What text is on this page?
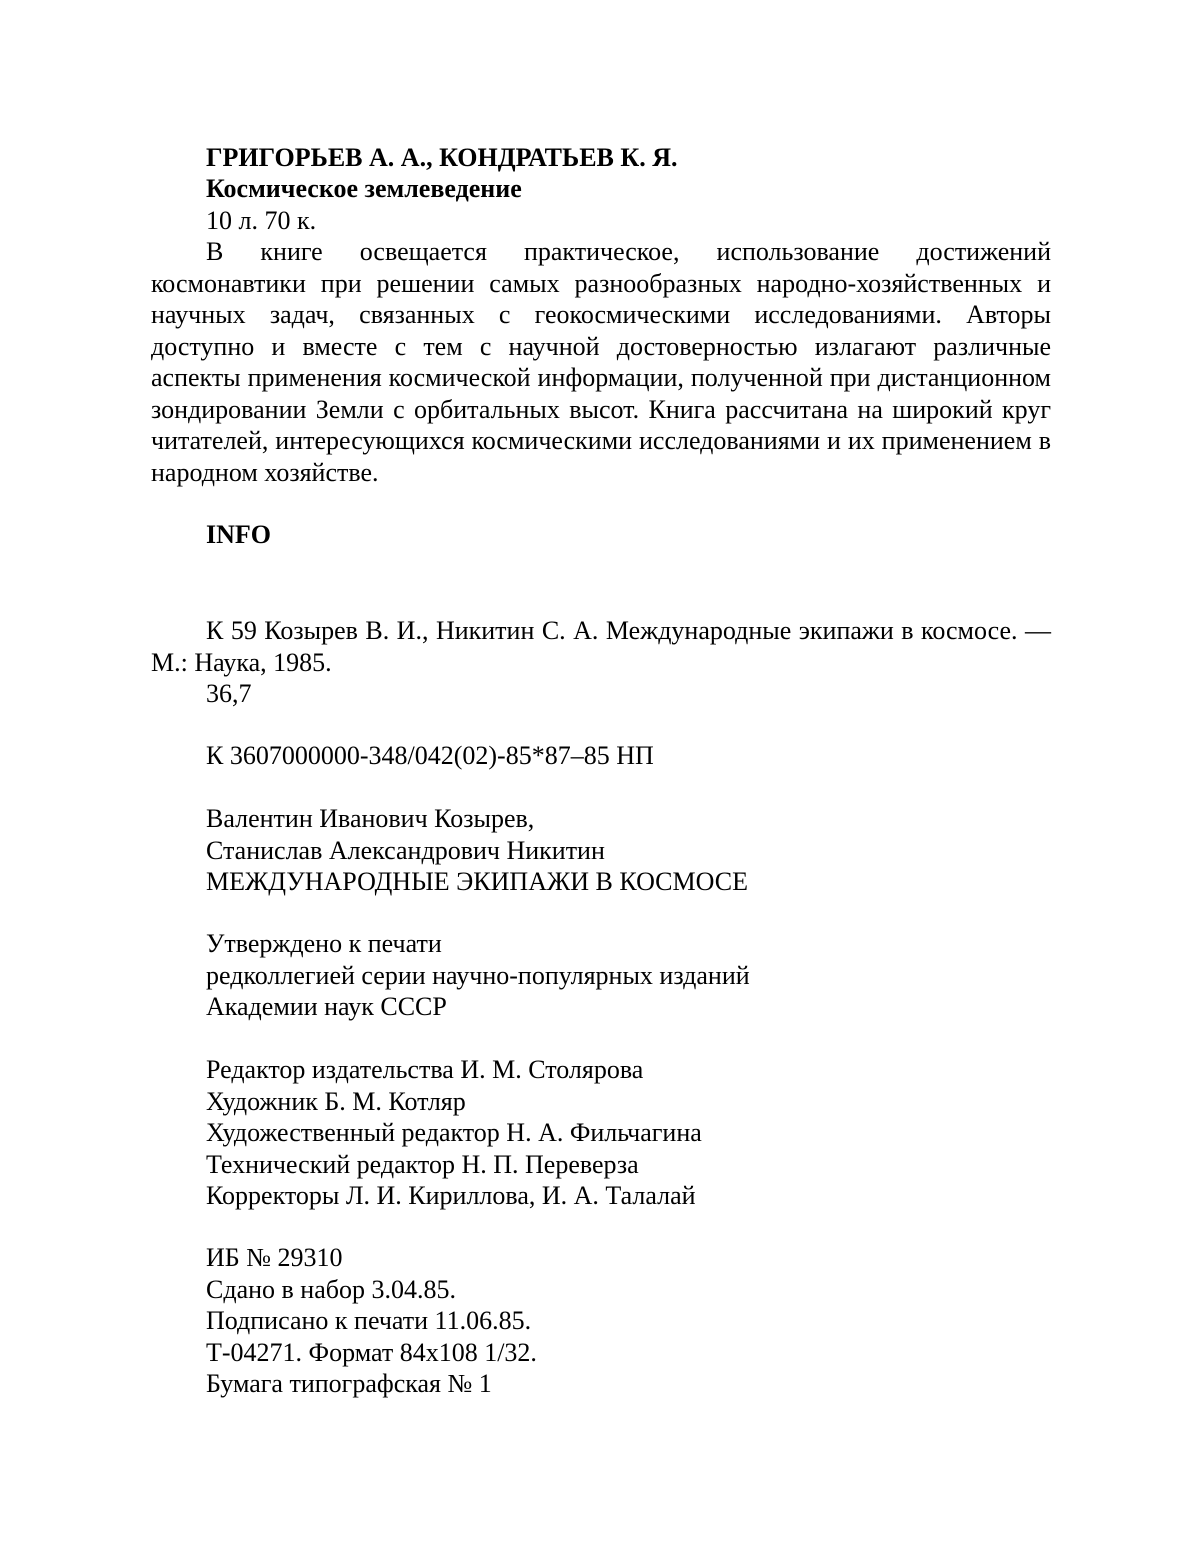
ГРИГОРЬЕВ А. А., КОНДРАТЬЕВ К. Я.
Космическое землеведение
10 л. 70 к.
В книге освещается практическое, использование достижений космонавтики при решении самых разнообразных народно-хозяйственных и научных задач, связанных с геокосмическими исследованиями. Авторы доступно и вместе с тем с научной достоверностью излагают различные аспекты применения космической информации, полученной при дистанционном зондировании Земли с орбитальных высот. Книга рассчитана на широкий круг читателей, интересующихся космическими исследованиями и их применением в народном хозяйстве.
INFO
К 59 Козырев В. И., Никитин С. А. Международные экипажи в космосе. — М.: Наука, 1985.
36,7
К 3607000000-348/042(02)-85*87–85 НП
Валентин Иванович Козырев,
Станислав Александрович Никитин
МЕЖДУНАРОДНЫЕ ЭКИПАЖИ В КОСМОСЕ
Утверждено к печати
редколлегией серии научно-популярных изданий
Академии наук СССР
Редактор издательства И. М. Столярова
Художник Б. М. Котляр
Художественный редактор Н. А. Фильчагина
Технический редактор Н. П. Переверза
Корректоры Л. И. Кириллова, И. А. Талалай
ИБ № 29310
Сдано в набор 3.04.85.
Подписано к печати 11.06.85.
Т-04271. Формат 84х108 1/32.
Бумага типографская № 1
